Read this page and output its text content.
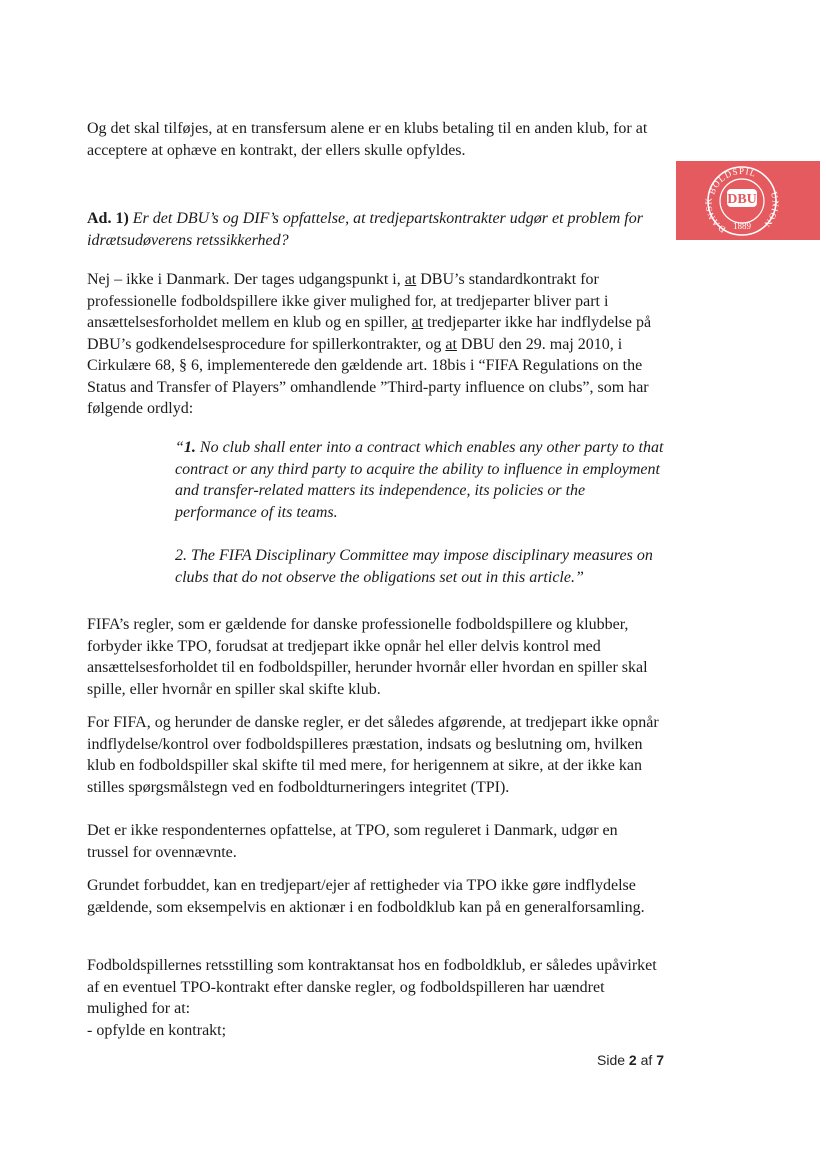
BOLDSPIL
DANSK
UNION
DBU
1889

Og det skal tilføjes, at en transfersum alene er en klubs betaling til en anden klub, for at acceptere at ophæve en kontrakt, der ellers skulle opfyldes.

Ad. 1) Er det DBU’s og DIF’s opfattelse, at tredjepartskontrakter udgør et problem for idrætsudøverens retssikkerhed?

Nej – ikke i Danmark. Der tages udgangspunkt i, at DBU’s standardkontrakt for professionelle fodboldspillere ikke giver mulighed for, at tredjeparter bliver part i ansættelsesforholdet mellem en klub og en spiller, at tredjeparter ikke har indflydelse på DBU’s godkendelsesprocedure for spillerkontrakter, og at DBU den 29. maj 2010, i Cirkulære 68, § 6, implementerede den gældende art. 18bis i “FIFA Regulations on the Status and Transfer of Players” omhandlende ”Third-party influence on clubs”, som har følgende ordlyd:

“1. No club shall enter into a contract which enables any other party to that contract or any third party to acquire the ability to influence in employment and transfer-related matters its independence, its policies or the performance of its teams.

2. The FIFA Disciplinary Committee may impose disciplinary measures on clubs that do not observe the obligations set out in this article.”

FIFA’s regler, som er gældende for danske professionelle fodboldspillere og klubber, forbyder ikke TPO, forudsat at tredjepart ikke opnår hel eller delvis kontrol med ansættelsesforholdet til en fodboldspiller, herunder hvornår eller hvordan en spiller skal spille, eller hvornår en spiller skal skifte klub.

For FIFA, og herunder de danske regler, er det således afgørende, at tredjepart ikke opnår indflydelse/kontrol over fodboldspilleres præstation, indsats og beslutning om, hvilken klub en fodboldspiller skal skifte til med mere, for herigennem at sikre, at der ikke kan stilles spørgsmålstegn ved en fodboldturneringers integritet (TPI).

Det er ikke respondenternes opfattelse, at TPO, som reguleret i Danmark, udgør en trussel for ovennævnte.

Grundet forbuddet, kan en tredjepart/ejer af rettigheder via TPO ikke gøre indflydelse gældende, som eksempelvis en aktionær i en fodboldklub kan på en generalforsamling.

Fodboldspillernes retsstilling som kontraktansat hos en fodboldklub, er således upåvirket af en eventuel TPO-kontrakt efter danske regler, og fodboldspilleren har uændret mulighed for at:

- opfylde en kontrakt;

Side 2 af 7
